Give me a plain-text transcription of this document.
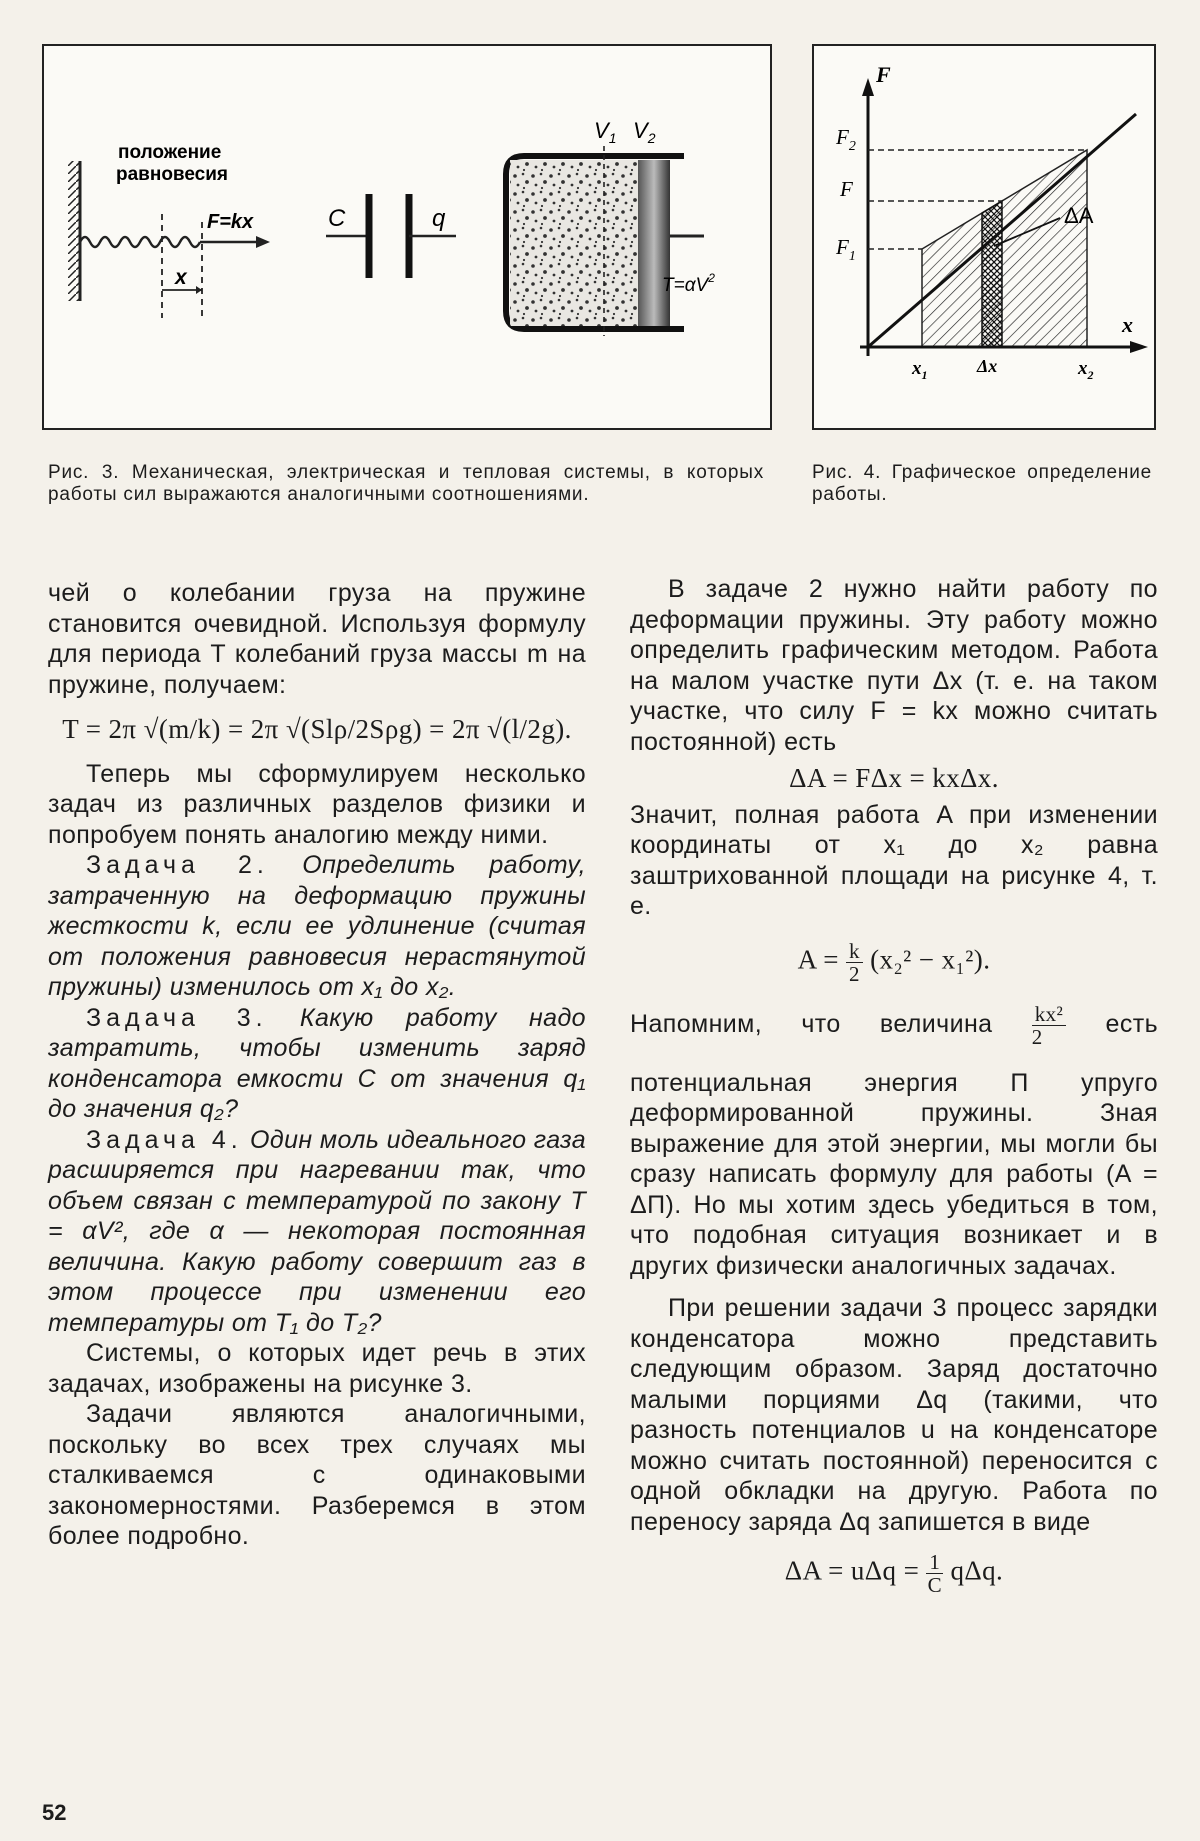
положение
равновесия
F=kx
x
C	q
$V_1$ $V_2$
$T=\alpha V^2$
F
x
$F_2$
F
$F_1$
ΔA
$x_1$	Δx	$x_2$
Рис. 3. Механическая, электрическая и тепловая системы, в которых работы сил выражаются аналогичными соотношениями.
Рис. 4. Графическое определение работы.

чей о колебании груза на пружине становится очевидной. Используя формулу для периода T колебаний груза массы m на пружине, получаем:

T = 2π √(m/k) = 2π √(Slρ/2Sρg) = 2π √(l/2g).

Теперь мы сформулируем несколько задач из различных разделов физики и попробуем понять аналогию между ними.

Задача 2. Определить работу, затраченную на деформацию пружины жесткости k, если ее удлинение (считая от положения равновесия нерастянутой пружины) изменилось от x₁ до x₂.

Задача 3. Какую работу надо затратить, чтобы изменить заряд конденсатора емкости C от значения q₁ до значения q₂?

Задача 4. Один моль идеального газа расширяется при нагревании так, что объем связан с температурой по закону T = αV², где α — некоторая постоянная величина. Какую работу совершит газ в этом процессе при изменении его температуры от T₁ до T₂?

Системы, о которых идет речь в этих задачах, изображены на рисунке 3.

Задачи являются аналогичными, поскольку во всех трех случаях мы сталкиваемся с одинаковыми закономерностями. Разберемся в этом более подробно.

В задаче 2 нужно найти работу по деформации пружины. Эту работу можно определить графическим методом. Работа на малом участке пути Δx (т. е. на таком участке, что силу F = kx можно считать постоянной) есть

ΔA = FΔx = kxΔx.

Значит, полная работа A при изменении координаты от x₁ до x₂ равна заштрихованной площади на рисунке 4, т. е.

$A = \frac{k}{2} (x_2^2 - x_1^2)$.

Напомним, что величина $\frac{\text{kx²}}{2}$ есть

потенциальная энергия П упруго деформированной пружины. Зная выражение для этой энергии, мы могли бы сразу написать формулу для работы (A = ΔП). Но мы хотим здесь убедиться в том, что подобная ситуация возникает и в других физически аналогичных задачах.

При решении задачи 3 процесс зарядки конденсатора можно представить следующим образом. Заряд достаточно малыми порциями Δq (такими, что разность потенциалов u на конденсаторе можно считать постоянной) переносится с одной обкладки на другую. Работа по переносу заряда Δq запишется в виде

$\Delta A = u\Delta q = \frac{1}{C} q\Delta q$.
52
